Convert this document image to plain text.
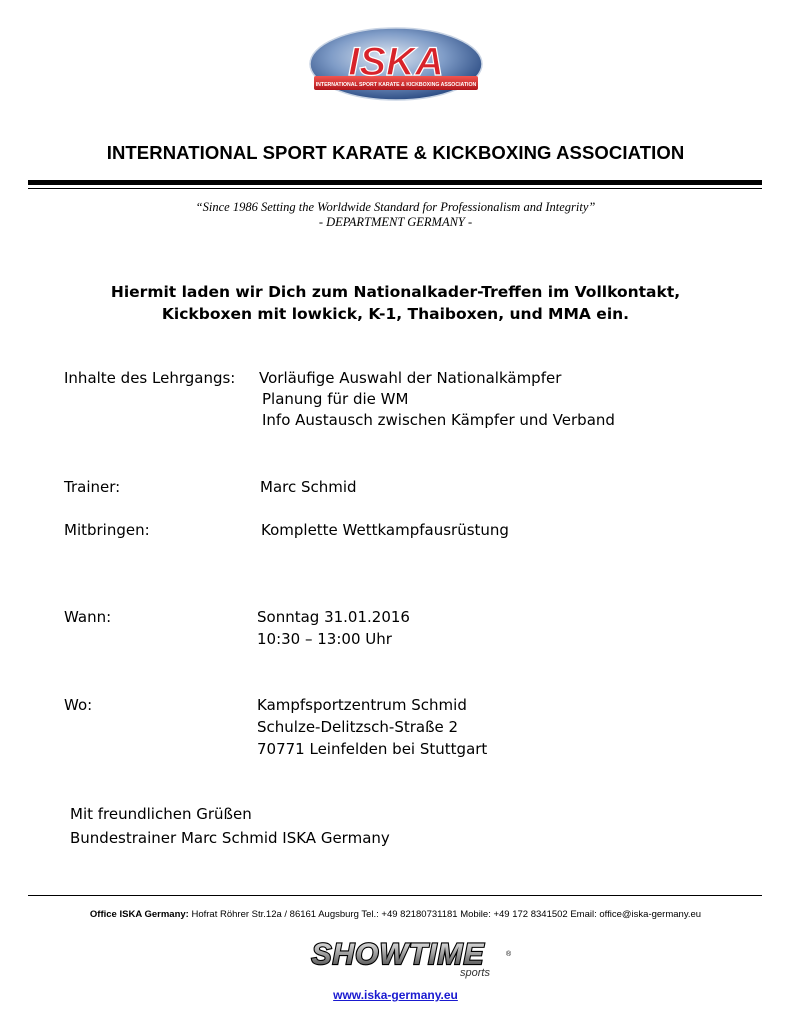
ISKA
INTERNATIONAL SPORT KARATE & KICKBOXING ASSOCIATION
INTERNATIONAL SPORT KARATE & KICKBOXING ASSOCIATION
“Since 1986 Setting the Worldwide Standard for Professionalism and Integrity”
- DEPARTMENT GERMANY -
Hiermit laden wir Dich zum Nationalkader-Treffen im Vollkontakt,
Kickboxen mit lowkick, K-1, Thaiboxen, und MMA ein.
Inhalte des Lehrgangs: Vorläufige Auswahl der Nationalkämpfer
Planung für die WM
Info Austausch zwischen Kämpfer und Verband
Trainer:	Marc Schmid
Mitbringen:	Komplette Wettkampfausrüstung
Wann:	Sonntag 31.01.2016
10:30 – 13:00 Uhr
Wo:	Kampfsportzentrum Schmid
Schulze-Delitzsch-Straße 2
70771 Leinfelden bei Stuttgart
Mit freundlichen Grüßen
Bundestrainer Marc Schmid ISKA Germany
Office ISKA Germany: Hofrat Röhrer Str.12a / 86161 Augsburg Tel.: +49 82180731181 Mobile: +49 172 8341502 Email: office@iska-germany.eu
SHOWTIME
sports
®
www.iska-germany.eu
